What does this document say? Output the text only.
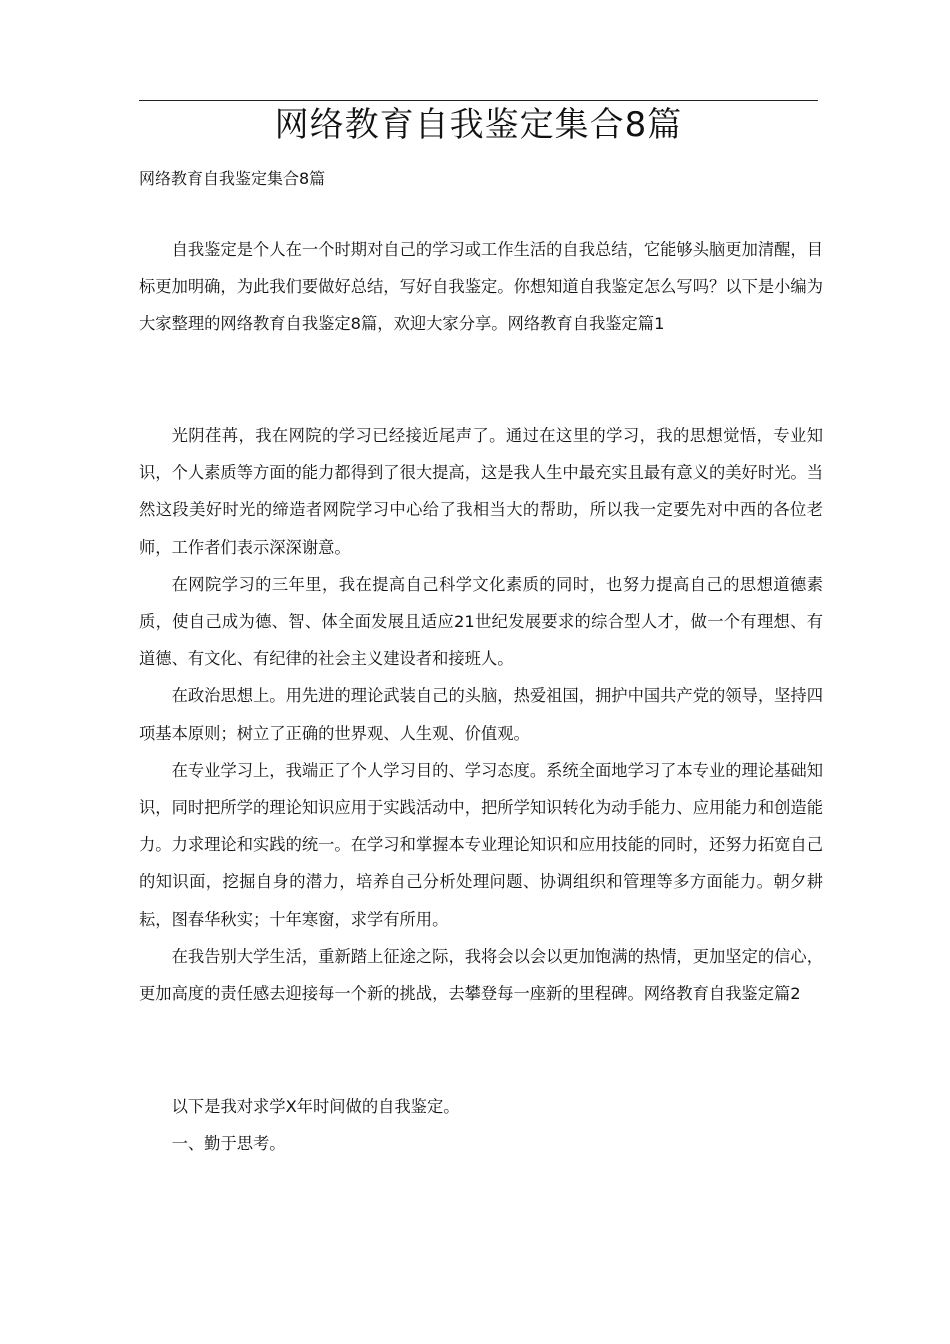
网络教育自我鉴定集合8篇
网络教育自我鉴定集合8篇

自我鉴定是个人在一个时期对自己的学习或工作生活的自我总结，它能够头脑更加清醒，目标更加明确，为此我们要做好总结，写好自我鉴定。你想知道自我鉴定怎么写吗？以下是小编为大家整理的网络教育自我鉴定8篇，欢迎大家分享。网络教育自我鉴定篇1

光阴荏苒，我在网院的学习已经接近尾声了。通过在这里的学习，我的思想觉悟，专业知识，个人素质等方面的能力都得到了很大提高，这是我人生中最充实且最有意义的美好时光。当然这段美好时光的缔造者网院学习中心给了我相当大的帮助，所以我一定要先对中西的各位老师，工作者们表示深深谢意。

在网院学习的三年里，我在提高自己科学文化素质的同时，也努力提高自己的思想道德素质，使自己成为德、智、体全面发展且适应21世纪发展要求的综合型人才，做一个有理想、有道德、有文化、有纪律的社会主义建设者和接班人。

在政治思想上。用先进的理论武装自己的头脑，热爱祖国，拥护中国共产党的领导，坚持四项基本原则；树立了正确的世界观、人生观、价值观。

在专业学习上，我端正了个人学习目的、学习态度。系统全面地学习了本专业的理论基础知识，同时把所学的理论知识应用于实践活动中，把所学知识转化为动手能力、应用能力和创造能力。力求理论和实践的统一。在学习和掌握本专业理论知识和应用技能的同时，还努力拓宽自己的知识面，挖掘自身的潜力，培养自己分析处理问题、协调组织和管理等多方面能力。朝夕耕耘，图春华秋实；十年寒窗，求学有所用。

在我告别大学生活，重新踏上征途之际，我将会以会以更加饱满的热情，更加坚定的信心，更加高度的责任感去迎接每一个新的挑战，去攀登每一座新的里程碑。网络教育自我鉴定篇2

以下是我对求学X年时间做的自我鉴定。

一、勤于思考。
